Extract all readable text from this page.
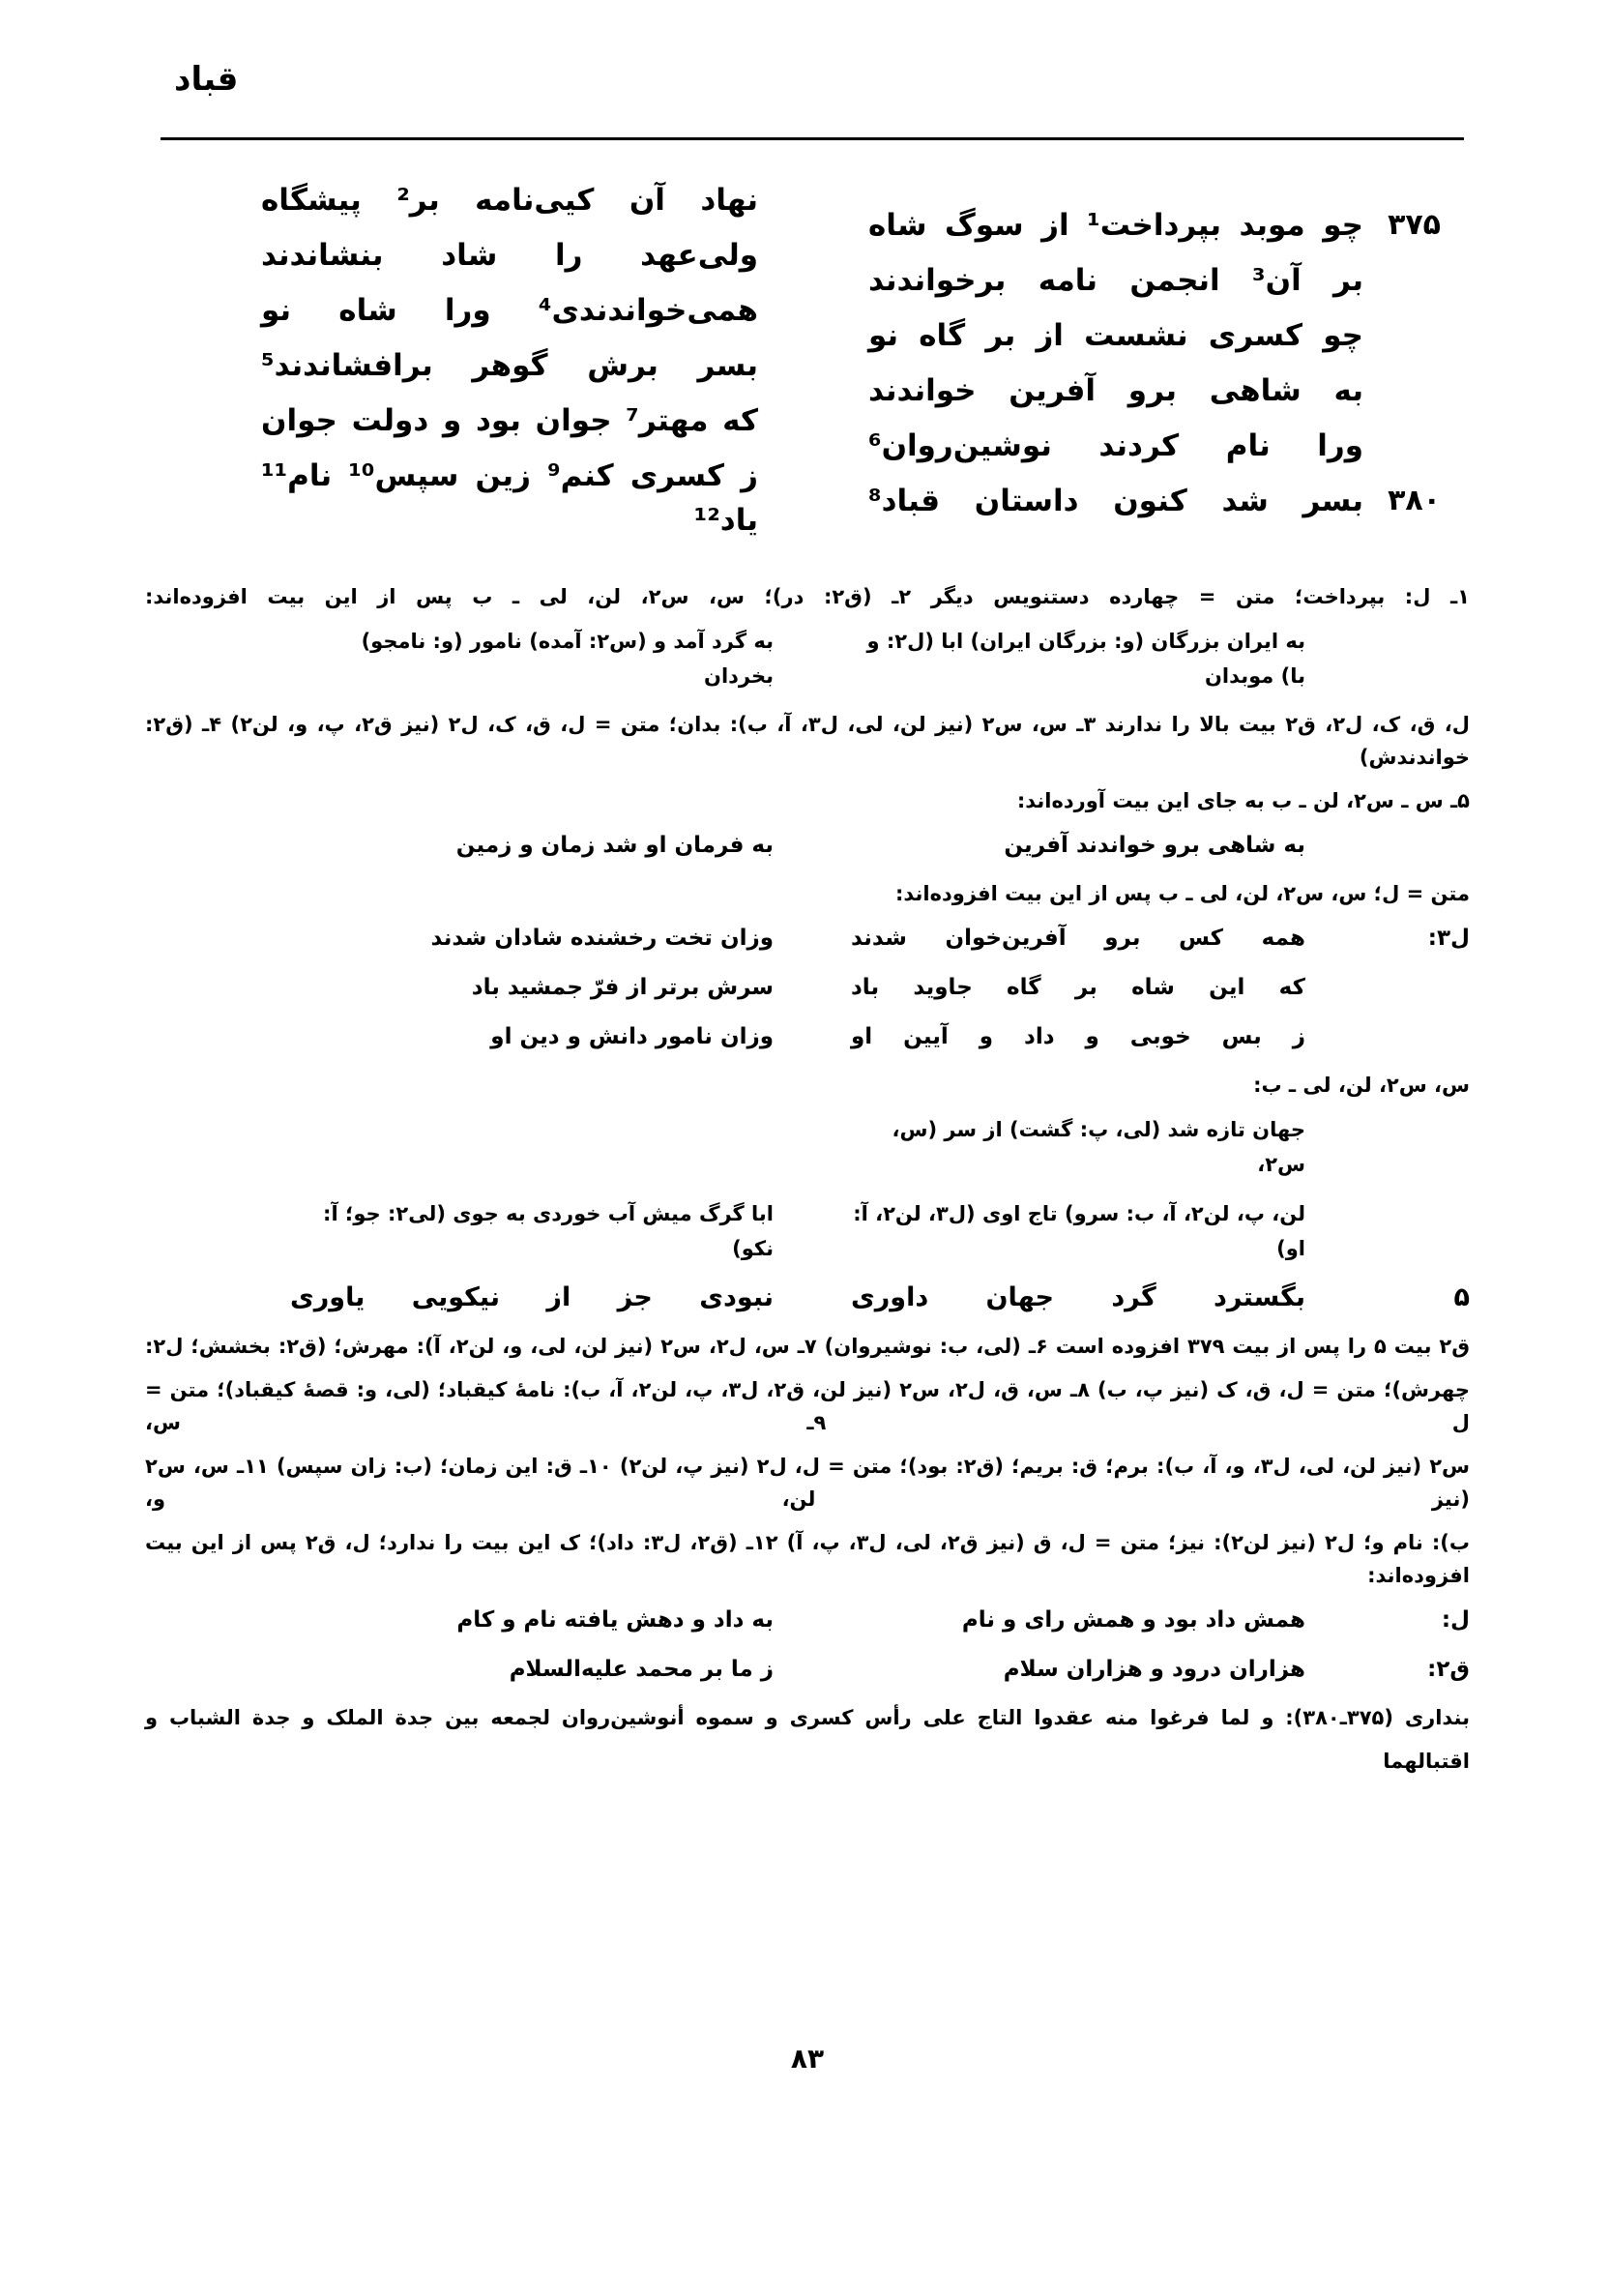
قباد
۳۷۵
چو موبد بپرداخت¹ از سوگ شاه
نهاد آن کیی‌نامه بر² پیشگاه
بر آن³ انجمن نامه برخواندند
ولی‌عهد را شاد بنشاندند
چو کسری نشست از بر گاه نو
همی‌خواندندی⁴ ورا شاه نو
به شاهی برو آفرین خواندند
بسر برش گوهر برافشاندند⁵
ورا نام کردند نوشین‌روان⁶
که مهتر⁷ جوان بود و دولت جوان
۳۸۰
بسر شد کنون داستان قباد⁸
ز کسری کنم⁹ زین سپس¹⁰ نام¹¹ یاد¹²
۱ـ ل: بپرداخت؛ متن = چهارده دستنویس دیگر ۲ـ (ق۲: در)؛ س، س۲، لن، لی ـ ب پس از این بیت افزوده‌اند:
به ایران بزرگان (و: بزرگان ایران) ابا (ل۲: و با) موبدان
به گرد آمد و (س۲: آمده) نامور (و: نامجو) بخردان
ل، ق، ک، ل۲، ق۲ بیت بالا را ندارند ۳ـ س، س۲ (نیز لن، لی، ل۳، آ، ب): بدان؛ متن = ل، ق، ک، ل۲ (نیز ق۲، پ، و، لن۲) ۴ـ (ق۲: خواندندش)
۵ـ س ـ س۲، لن ـ ب به جای این بیت آورده‌اند:
به شاهی برو خواندند آفرین
به فرمان او شد زمان و زمین
متن = ل؛ س، س۲، لن، لی ـ ب پس از این بیت افزوده‌اند:
ل۳:
همه کس برو آفرین‌خوان شدند
وزان تخت رخشنده شادان شدند
که این شاه بر گاه جاوید باد
سرش برتر از فرّ جمشید باد
ز بس خوبی و داد و آیین او
وزان نامور دانش و دین او
س، س۲، لن، لی ـ ب:
جهان تازه شد (لی، پ: گشت) از سر (س، س۲،
لن، پ، لن۲، آ، ب: سرو) تاج اوی (ل۳، لن۲، آ: او)
ابا گرگ میش آب خوردی به جوی (لی۲: جو؛ آ: نکو)
۵
بگسترد گرد جهان داوری
نبودی جز از نیکویی یاوری
ق۲ بیت ۵ را پس از بیت ۳۷۹ افزوده است ۶ـ (لی، ب: نوشیروان) ۷ـ س، ل۲، س۲ (نیز لن، لی، و، لن۲، آ): مهرش؛ (ق۲: بخشش؛ ل۲:
چهرش)؛ متن = ل، ق، ک (نیز پ، ب) ۸ـ س، ق، ل۲، س۲ (نیز لن، ق۲، ل۳، پ، لن۲، آ، ب): نامهٔ کیقباد؛ (لی، و: قصهٔ کیقباد)؛ متن = ل ۹ـ س،
س۲ (نیز لن، لی، ل۳، و، آ، ب): برم؛ ق: بریم؛ (ق۲: بود)؛ متن = ل، ل۲ (نیز پ، لن۲) ۱۰ـ ق: این زمان؛ (ب: زان سپس) ۱۱ـ س، س۲ (نیز لن، و،
ب): نام و؛ ل۲ (نیز لن۲): نیز؛ متن = ل، ق (نیز ق۲، لی، ل۳، پ، آ) ۱۲ـ (ق۲، ل۳: داد)؛ ک این بیت را ندارد؛ ل، ق۲ پس از این بیت افزوده‌اند:
ل:
همش داد بود و همش رای و نام
به داد و دهش یافته نام و کام
ق۲:
هزاران درود و هزاران سلام
ز ما بر محمد علیه‌السلام
بنداری (۳۷۵ـ۳۸۰): و لما فرغوا منه عقدوا التاج علی رأس کسری و سموه أنوشین‌روان لجمعه بین جدة الملک و جدة الشباب و
اقتبالهما
۸۳
